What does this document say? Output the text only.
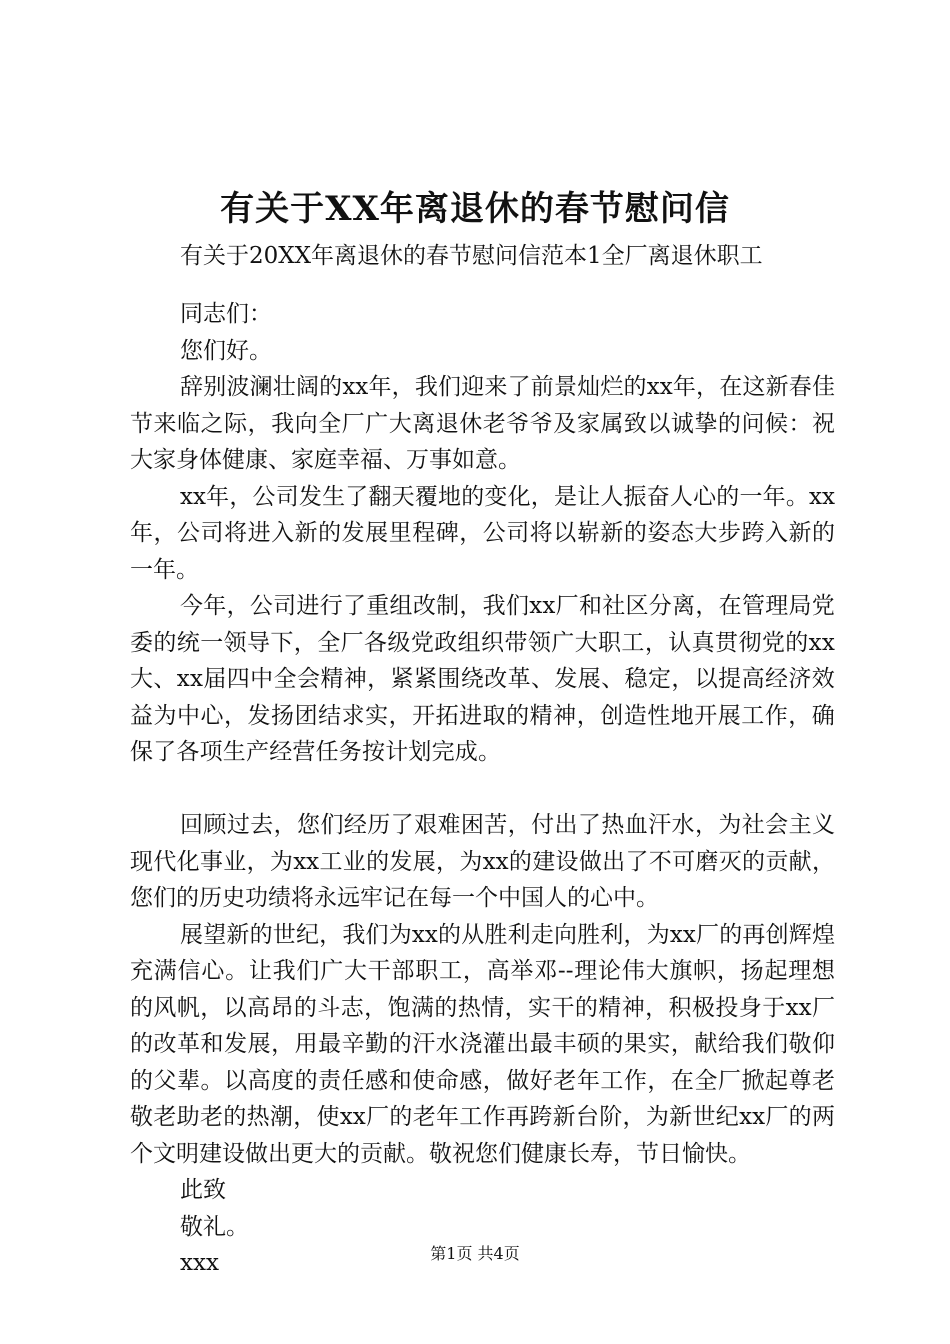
有关于XX年离退休的春节慰问信
有关于20XX年离退休的春节慰问信范本1全厂离退休职工

同志们：

您们好。

辞别波澜壮阔的xx年，我们迎来了前景灿烂的xx年，在这新春佳节来临之际，我向全厂广大离退休老爷爷及家属致以诚挚的问候：祝大家身体健康、家庭幸福、万事如意。

xx年，公司发生了翻天覆地的变化，是让人振奋人心的一年。xx年，公司将进入新的发展里程碑，公司将以崭新的姿态大步跨入新的一年。

今年，公司进行了重组改制，我们xx厂和社区分离，在管理局党委的统一领导下，全厂各级党政组织带领广大职工，认真贯彻党的xx大、xx届四中全会精神，紧紧围绕改革、发展、稳定，以提高经济效益为中心，发扬团结求实，开拓进取的精神，创造性地开展工作，确保了各项生产经营任务按计划完成。

回顾过去，您们经历了艰难困苦，付出了热血汗水，为社会主义现代化事业，为xx工业的发展，为xx的建设做出了不可磨灭的贡献，您们的历史功绩将永远牢记在每一个中国人的心中。

展望新的世纪，我们为xx的从胜利走向胜利，为xx厂的再创辉煌充满信心。让我们广大干部职工，高举邓--理论伟大旗帜，扬起理想的风帆，以高昂的斗志，饱满的热情，实干的精神，积极投身于xx厂的改革和发展，用最辛勤的汗水浇灌出最丰硕的果实，献给我们敬仰的父辈。以高度的责任感和使命感，做好老年工作，在全厂掀起尊老敬老助老的热潮，使xx厂的老年工作再跨新台阶，为新世纪xx厂的两个文明建设做出更大的贡献。敬祝您们健康长寿，节日愉快。

此致

敬礼。

xxx	第1页 共4页
